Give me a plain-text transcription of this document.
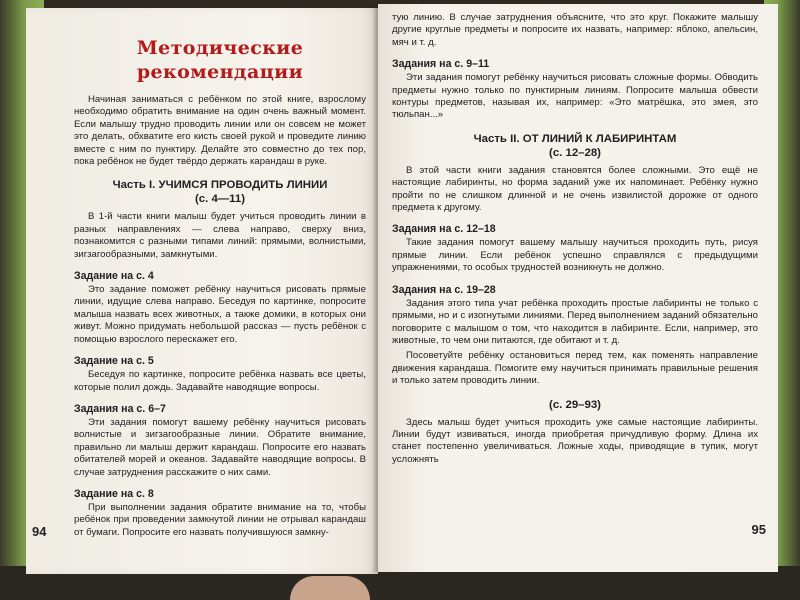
Методические рекомендации

Начиная заниматься с ребёнком по этой книге, взрослому необходимо обратить внимание на один очень важный момент. Если малышу трудно проводить линии или он совсем не может это делать, обхватите его кисть своей рукой и проведите линию вместе с ним по пунктиру. Делайте это совместно до тех пор, пока ребёнок не будет твёрдо держать карандаш в руке.

Часть I. УЧИМСЯ ПРОВОДИТЬ ЛИНИИ
(с. 4—11)

В 1-й части книги малыш будет учиться проводить линии в разных направлениях — слева направо, сверху вниз, познакомится с разными типами линий: прямыми, волнистыми, зигзагообразными, замкнутыми.

Задание на с. 4

Это задание поможет ребёнку научиться рисовать прямые линии, идущие слева направо. Беседуя по картинке, попросите малыша назвать всех животных, а также домики, в которых они живут. Можно придумать небольшой рассказ — пусть ребёнок с помощью взрослого перескажет его.

Задание на с. 5

Беседуя по картинке, попросите ребёнка назвать все цветы, которые полил дождь. Задавайте наводящие вопросы.

Задания на с. 6–7

Эти задания помогут вашему ребёнку научиться рисовать волнистые и зигзагообразные линии. Обратите внимание, правильно ли малыш держит карандаш. Попросите его назвать обитателей морей и океанов. Задавайте наводящие вопросы. В случае затруднения расскажите о них сами.

Задание на с. 8

При выполнении задания обратите внимание на то, чтобы ребёнок при проведении замкнутой линии не отрывал карандаш от бумаги. Попросите его назвать получившуюся замкну-

94

тую линию. В случае затруднения объясните, что это круг. Покажите малышу другие круглые предметы и попросите их назвать, например: яблоко, апельсин, мяч и т. д.

Задания на с. 9–11

Эти задания помогут ребёнку научиться рисовать сложные формы. Обводить предметы нужно только по пунктирным линиям. Попросите малыша обвести контуры предметов, называя их, например: «Это матрёшка, это змея, это тюльпан...»

Часть II. ОТ ЛИНИЙ К ЛАБИРИНТАМ
(с. 12–28)

В этой части книги задания становятся более сложными. Это ещё не настоящие лабиринты, но форма заданий уже их напоминает. Ребёнку нужно пройти по не слишком длинной и не очень извилистой дорожке от одного предмета к другому.

Задания на с. 12–18

Такие задания помогут вашему малышу научиться проходить путь, рисуя прямые линии. Если ребёнок успешно справлялся с предыдущими упражнениями, то особых трудностей возникнуть не должно.

Задания на с. 19–28

Задания этого типа учат ребёнка проходить простые лабиринты не только с прямыми, но и с изогнутыми линиями. Перед выполнением заданий обязательно поговорите с малышом о том, что находится в лабиринте. Если, например, это животные, то чем они питаются, где обитают и т. д.

Посоветуйте ребёнку остановиться перед тем, как поменять направление движения карандаша. Помогите ему научиться принимать правильные решения и только затем проводить линии.

(с. 29–93)

Здесь малыш будет учиться проходить уже самые настоящие лабиринты. Линии будут извиваться, иногда приобретая причудливую форму. Длина их станет постепенно увеличиваться. Ложные ходы, приводящие в тупик, могут усложнять

95
